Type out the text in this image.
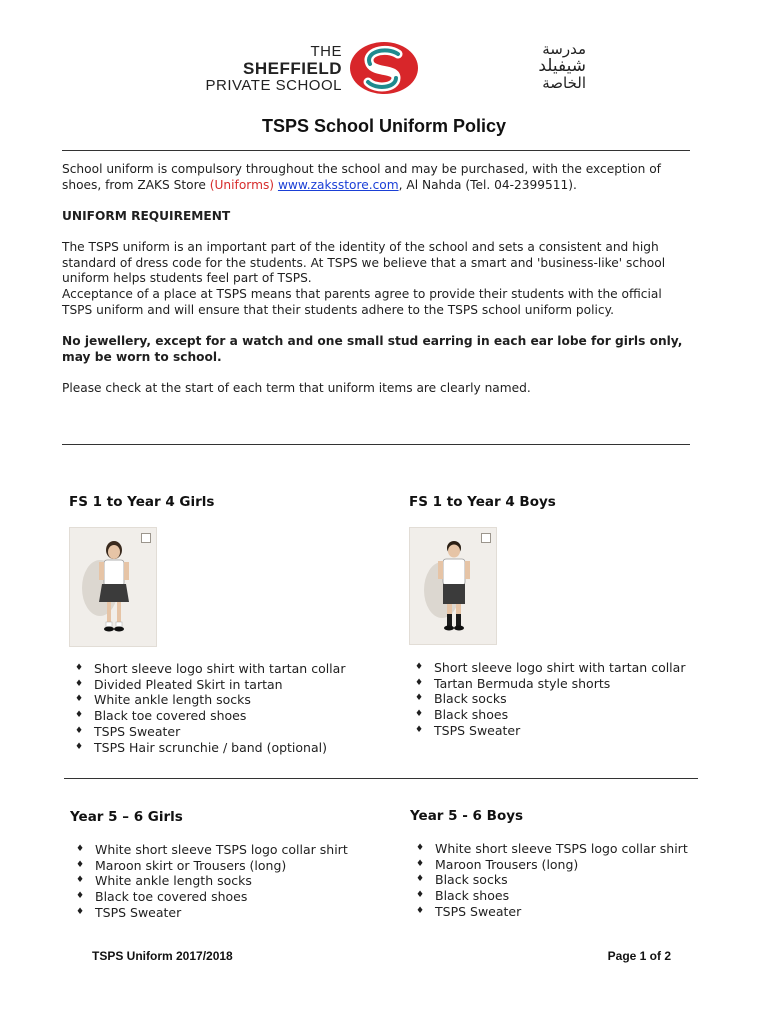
THE
SHEFFIELD
PRIVATE SCHOOL
مدرسة
شيفيلد
الخاصة
TSPS School Uniform Policy
School uniform is compulsory throughout the school and may be purchased, with the exception of shoes, from ZAKS Store (Uniforms) www.zaksstore.com, Al Nahda (Tel. 04-2399511).
UNIFORM REQUIREMENT
The TSPS uniform is an important part of the identity of the school and sets a consistent and high standard of dress code for the students. At TSPS we believe that a smart and 'business-like' school uniform helps students feel part of TSPS.
Acceptance of a place at TSPS means that parents agree to provide their students with the official TSPS uniform and will ensure that their students adhere to the TSPS school uniform policy.
No jewellery, except for a watch and one small stud earring in each ear lobe for girls only, may be worn to school.
Please check at the start of each term that uniform items are clearly named.
FS 1 to Year 4 Girls
♦ Short sleeve logo shirt with tartan collar
♦ Divided Pleated Skirt in tartan
♦ White ankle length socks
♦ Black toe covered shoes
♦ TSPS Sweater
♦ TSPS Hair scrunchie / band (optional)
FS 1 to Year 4 Boys
♦ Short sleeve logo shirt with tartan collar
♦ Tartan Bermuda style shorts
♦ Black socks
♦ Black shoes
♦ TSPS Sweater
Year 5 – 6 Girls
♦ White short sleeve TSPS logo collar shirt
♦ Maroon skirt or Trousers (long)
♦ White ankle length socks
♦ Black toe covered shoes
♦ TSPS Sweater
Year 5 - 6 Boys
♦ White short sleeve TSPS logo collar shirt
♦ Maroon Trousers (long)
♦ Black socks
♦ Black shoes
♦ TSPS Sweater
TSPS Uniform 2017/2018	Page 1 of 2
